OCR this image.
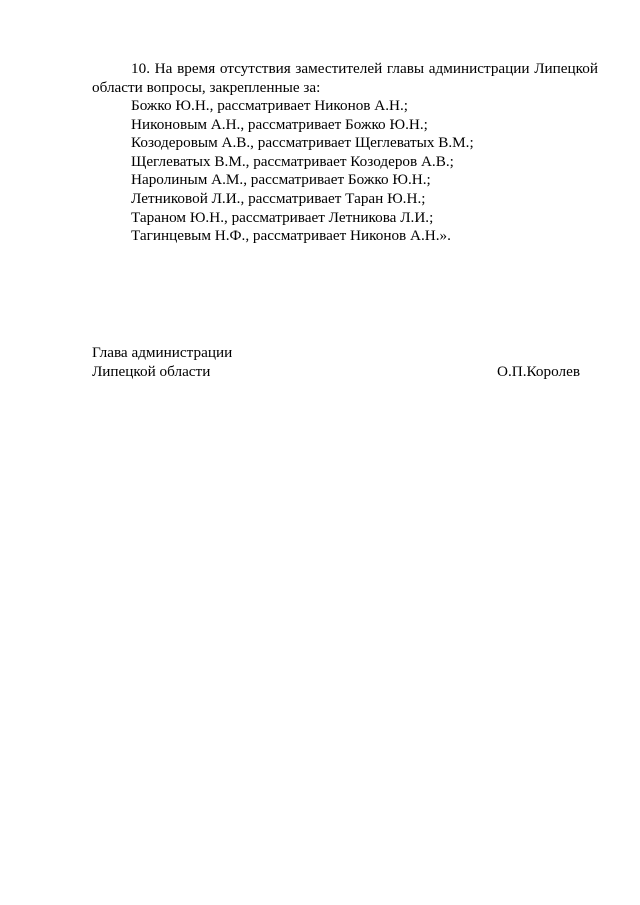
10. На время отсутствия заместителей главы администрации Липецкой
области вопросы, закрепленные за:
Божко Ю.Н., рассматривает Никонов А.Н.;
Никоновым А.Н., рассматривает Божко Ю.Н.;
Козодеровым А.В., рассматривает Щеглеватых В.М.;
Щеглеватых В.М., рассматривает Козодеров А.В.;
Наролиным А.М., рассматривает Божко Ю.Н.;
Летниковой Л.И., рассматривает Таран Ю.Н.;
Тараном Ю.Н., рассматривает Летникова Л.И.;
Тагинцевым Н.Ф., рассматривает Никонов А.Н.».
Глава администрации
Липецкой области	О.П.Королев
